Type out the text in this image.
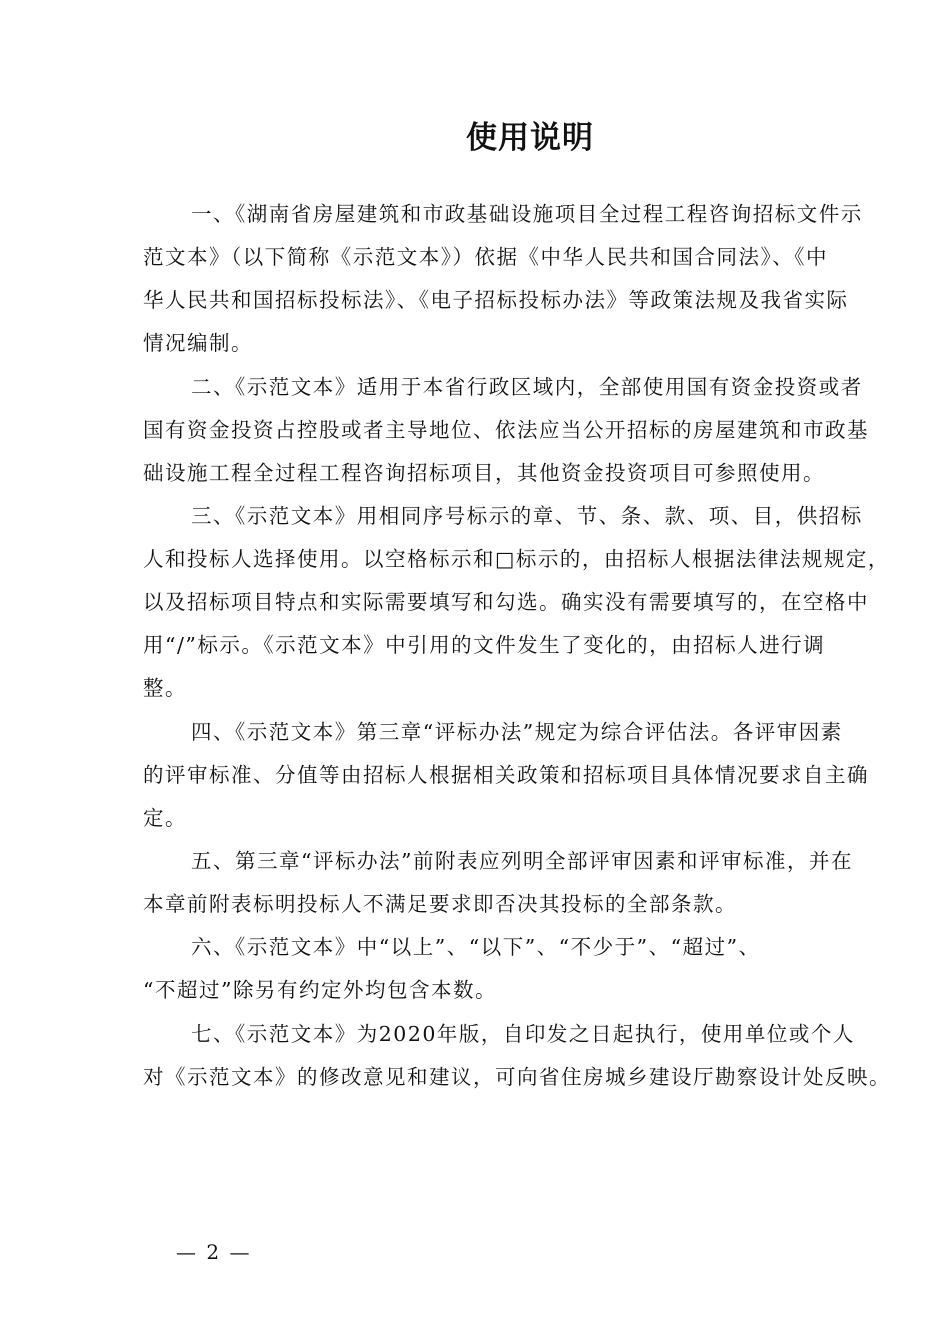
使用说明
一、《湖南省房屋建筑和市政基础设施项目全过程工程咨询招标文件示
范文本》（以下简称《示范文本》）依据《中华人民共和国合同法》、《中
华人民共和国招标投标法》、《电子招标投标办法》等政策法规及我省实际
情况编制。
二、《示范文本》适用于本省行政区域内，全部使用国有资金投资或者
国有资金投资占控股或者主导地位、依法应当公开招标的房屋建筑和市政基
础设施工程全过程工程咨询招标项目，其他资金投资项目可参照使用。
三、《示范文本》用相同序号标示的章、节、条、款、项、目，供招标
人和投标人选择使用。以空格标示和□标示的，由招标人根据法律法规规定，
以及招标项目特点和实际需要填写和勾选。确实没有需要填写的，在空格中
用“/”标示。《示范文本》中引用的文件发生了变化的，由招标人进行调
整。
四、《示范文本》第三章“评标办法”规定为综合评估法。各评审因素
的评审标准、分值等由招标人根据相关政策和招标项目具体情况要求自主确
定。
五、第三章“评标办法”前附表应列明全部评审因素和评审标准，并在
本章前附表标明投标人不满足要求即否决其投标的全部条款。
六、《示范文本》中“以上”、“以下”、“不少于”、“超过”、
“不超过”除另有约定外均包含本数。
七、《示范文本》为2020年版，自印发之日起执行，使用单位或个人
对《示范文本》的修改意见和建议，可向省住房城乡建设厅勘察设计处反映。
— 2 —
